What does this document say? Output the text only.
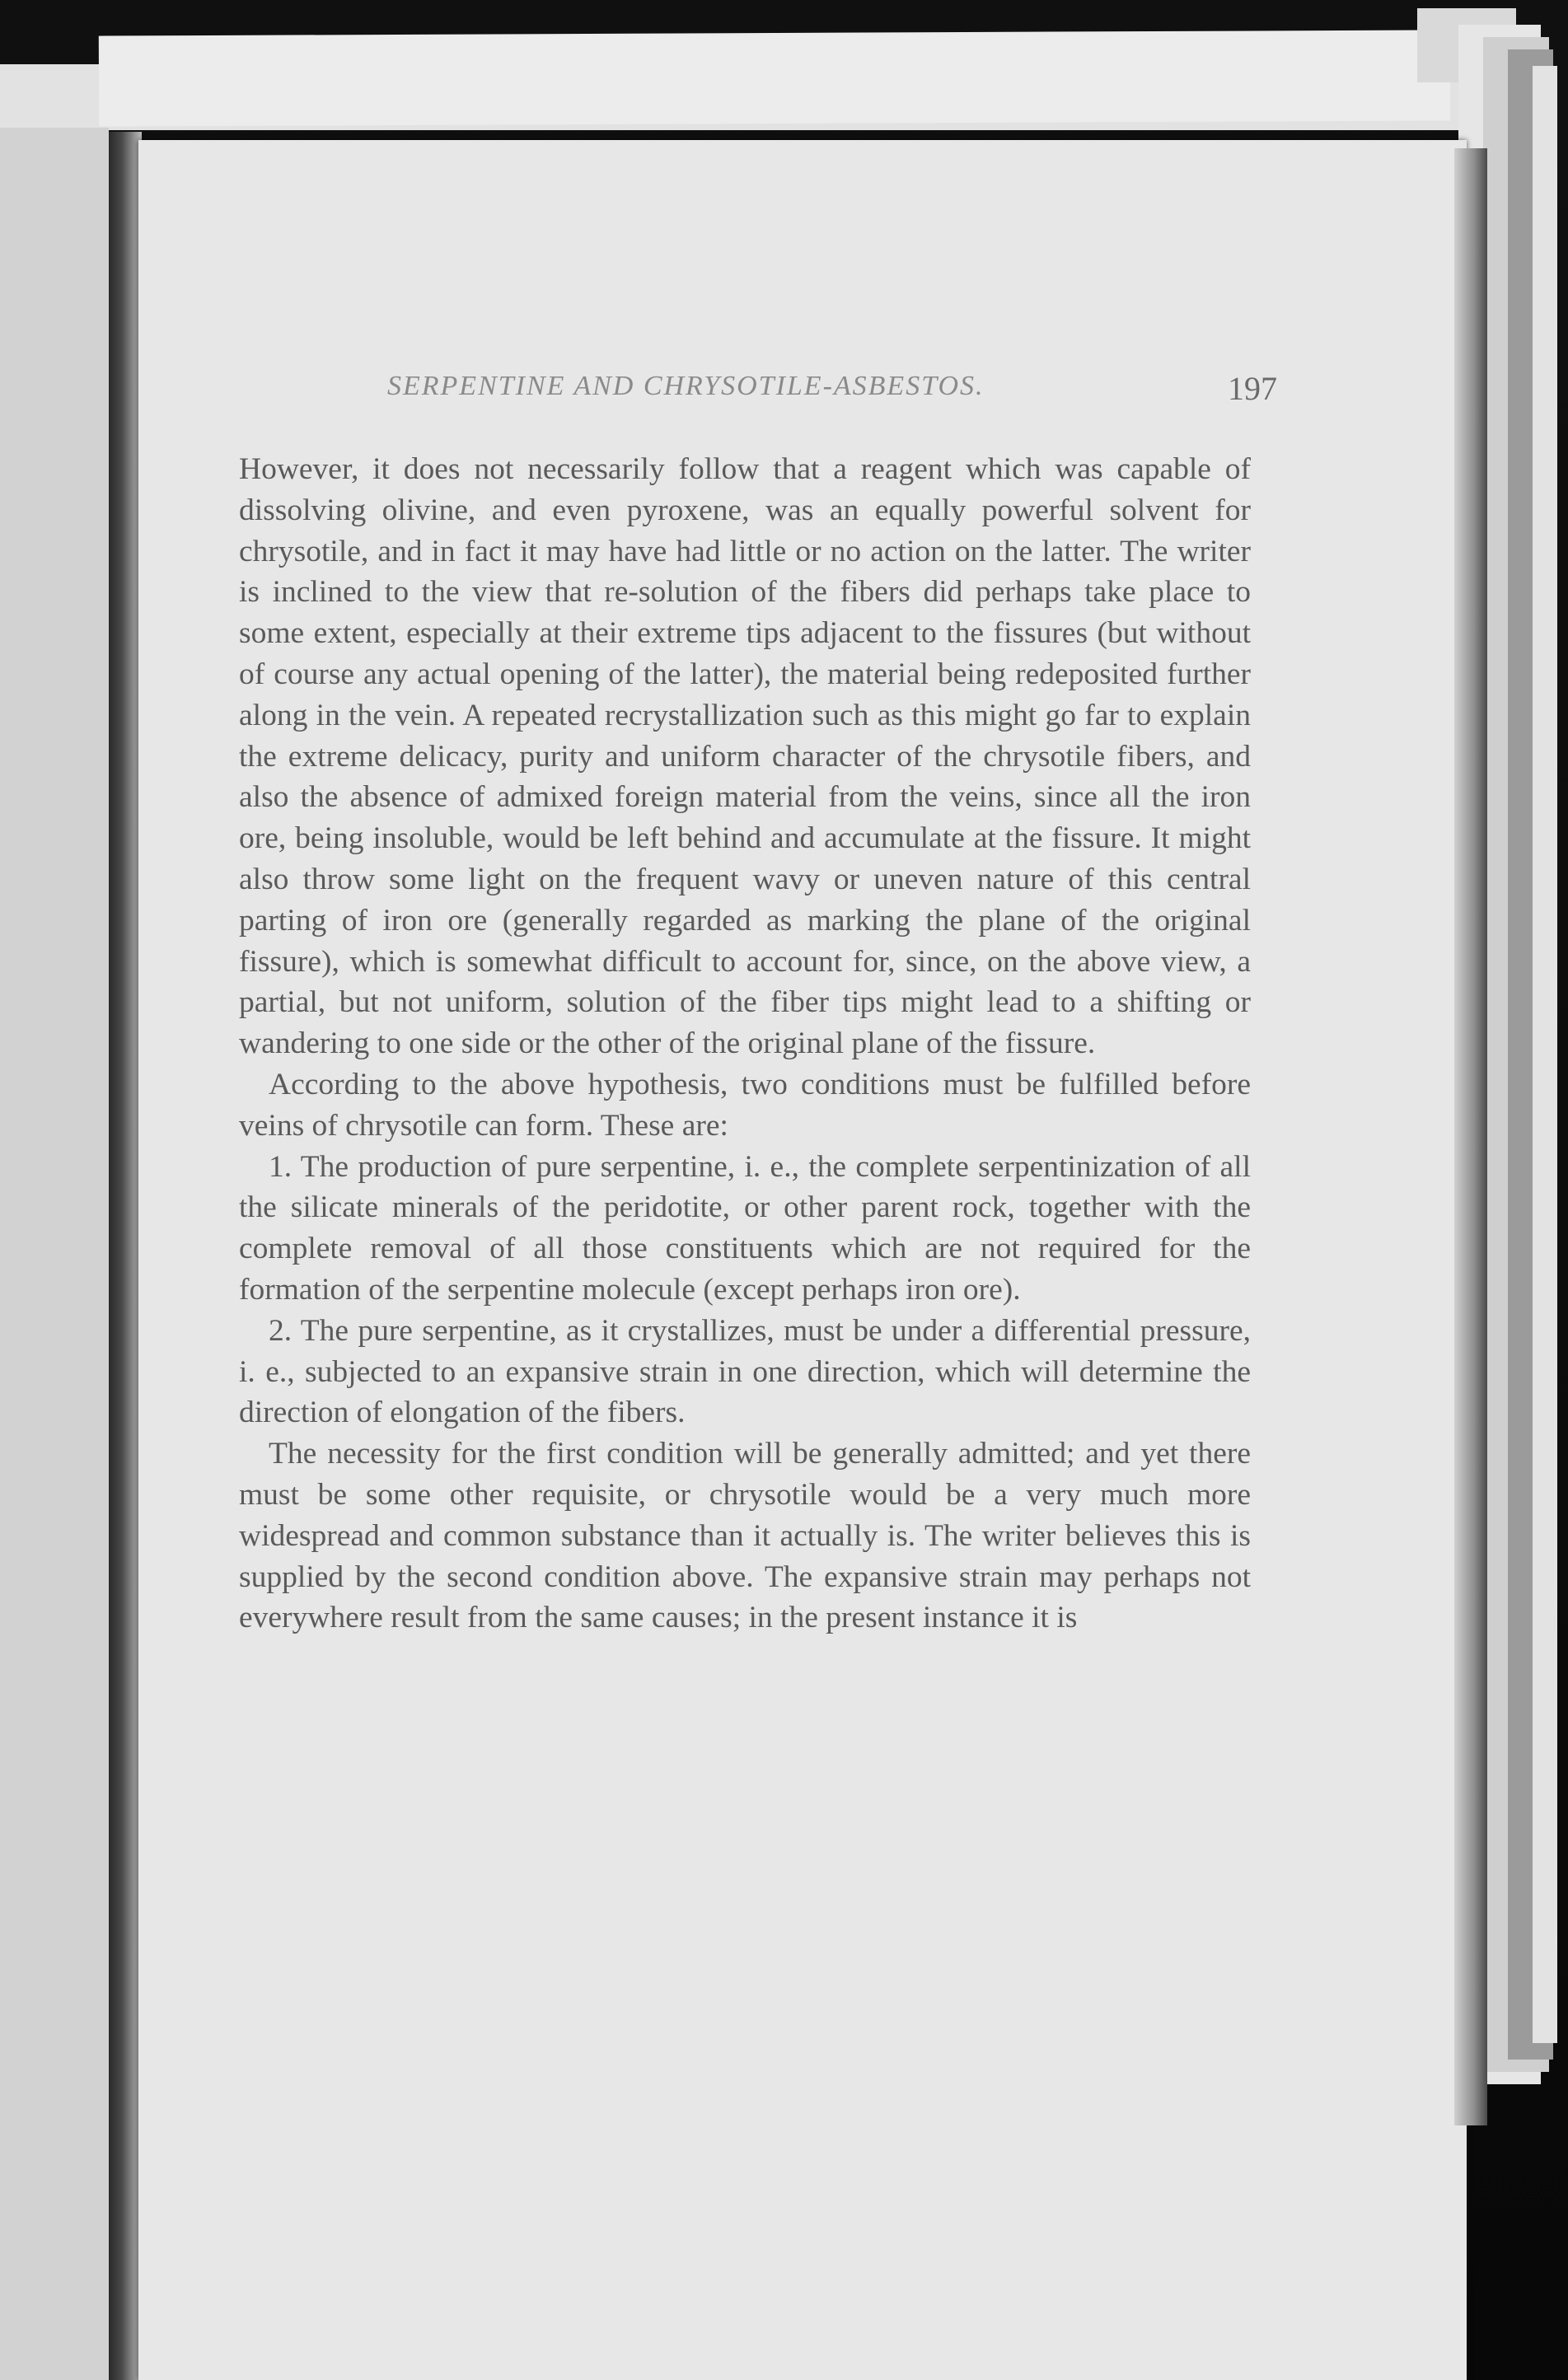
SERPENTINE AND CHRYSOTILE-ASBESTOS.	197

However, it does not necessarily follow that a reagent which was capable of dissolving olivine, and even pyroxene, was an equally powerful solvent for chrysotile, and in fact it may have had little or no action on the latter. The writer is inclined to the view that re-solution of the fibers did perhaps take place to some extent, especially at their extreme tips adjacent to the fissures (but without of course any actual opening of the latter), the material being redeposited further along in the vein. A repeated recrystallization such as this might go far to explain the extreme delicacy, purity and uniform character of the chrysotile fibers, and also the absence of admixed foreign material from the veins, since all the iron ore, being insoluble, would be left behind and accumulate at the fissure. It might also throw some light on the frequent wavy or uneven nature of this central parting of iron ore (generally regarded as marking the plane of the original fissure), which is somewhat difficult to account for, since, on the above view, a partial, but not uniform, solution of the fiber tips might lead to a shifting or wandering to one side or the other of the original plane of the fissure.

According to the above hypothesis, two conditions must be fulfilled before veins of chrysotile can form. These are:

1. The production of pure serpentine, i. e., the complete serpentinization of all the silicate minerals of the peridotite, or other parent rock, together with the complete removal of all those constituents which are not required for the formation of the serpentine molecule (except perhaps iron ore).

2. The pure serpentine, as it crystallizes, must be under a differential pressure, i. e., subjected to an expansive strain in one direction, which will determine the direction of elongation of the fibers.

The necessity for the first condition will be generally admitted; and yet there must be some other requisite, or chrysotile would be a very much more widespread and common substance than it actually is. The writer believes this is supplied by the second condition above. The expansive strain may perhaps not everywhere result from the same causes; in the present instance it is
